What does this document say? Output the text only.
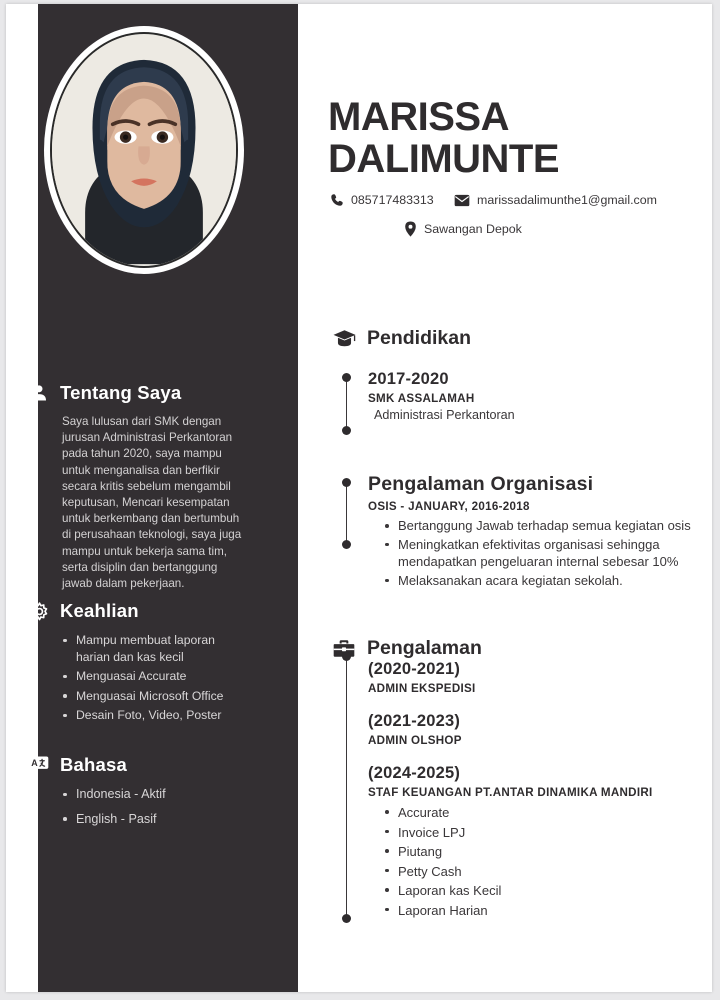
Tentang Saya

Saya lulusan dari SMK dengan jurusan Administrasi Perkantoran pada tahun 2020, saya mampu untuk menganalisa dan berfikir secara kritis sebelum mengambil keputusan, Mencari kesempatan untuk berkembang dan bertumbuh di perusahaan teknologi, saya juga mampu untuk bekerja sama tim, serta disiplin dan bertanggung jawab dalam pekerjaan.

Keahlian
Mampu membuat laporan harian dan kas kecil
Menguasai Accurate
Menguasai Microsoft Office
Desain Foto, Video, Poster
A Bahasa
Indonesia - Aktif
English - Pasif
MARISSA
DALIMUNTE
085717483313	marissadalimunthe1@gmail.com
Sawangan Depok
Pendidikan
2017-2020
SMK ASSALAMAH
Administrasi Perkantoran
Pengalaman Organisasi
OSIS - JANUARY, 2016-2018
Bertanggung Jawab terhadap semua kegiatan osis
Meningkatkan efektivitas organisasi sehingga mendapatkan pengeluaran internal sebesar 10%
Melaksanakan acara kegiatan sekolah.
Pengalaman
(2020-2021)
ADMIN EKSPEDISI
(2021-2023)
ADMIN OLSHOP
(2024-2025)
STAF KEUANGAN PT.ANTAR DINAMIKA MANDIRI
Accurate
Invoice LPJ
Piutang
Petty Cash
Laporan kas Kecil
Laporan Harian
